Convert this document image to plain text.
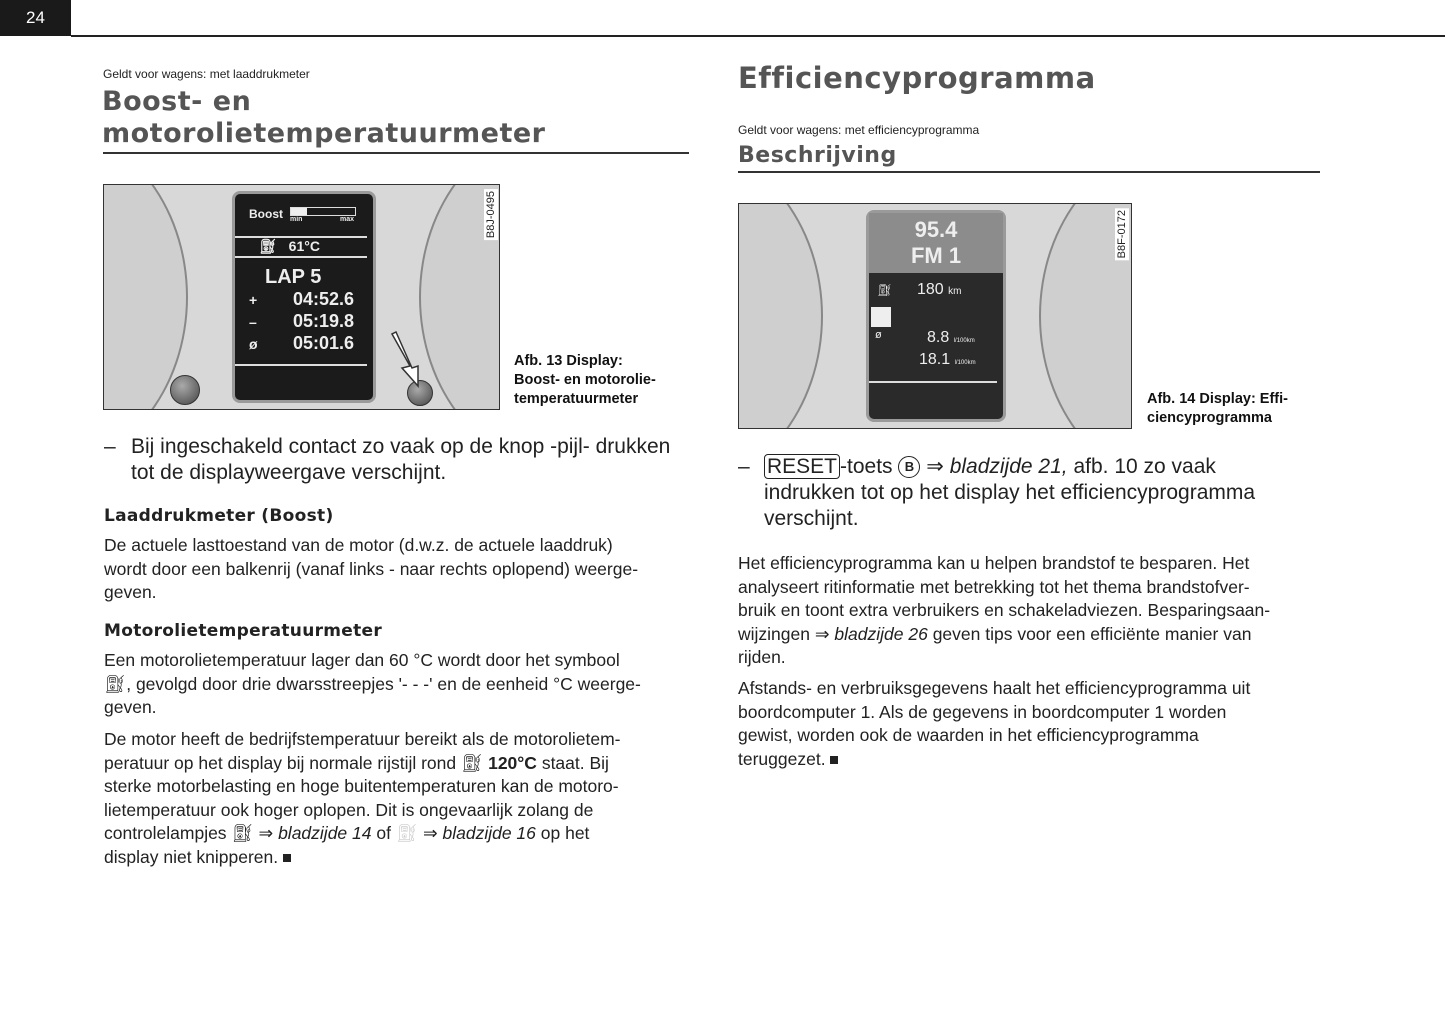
24
Geldt voor wagens: met laaddrukmeter
Boost- en
motorolietemperatuurmeter
Boost min	max
⛽︎ 61°C
LAP 5
+ 04:52.6
– 05:19.8
ø 05:01.6
B8J-0495
Afb. 13 Display:
Boost- en motorolie-
temperatuurmeter
– Bij ingeschakeld contact zo vaak op de knop -pijl- drukken
tot de displayweergave verschijnt.
Laaddrukmeter (Boost)
De actuele lasttoestand van de motor (d.w.z. de actuele laaddruk)
wordt door een balkenrij (vanaf links - naar rechts oplopend) weerge-
geven.
Motorolietemperatuurmeter
Een motorolietemperatuur lager dan 60 °C wordt door het symbool
⛽︎, gevolgd door drie dwarsstreepjes '- - -' en de eenheid °C weerge-
geven.
De motor heeft de bedrijfstemperatuur bereikt als de motorolietem-
peratuur op het display bij normale rijstijl rond ⛽︎ 120°C staat. Bij
sterke motorbelasting en hoge buitentemperaturen kan de motoro-
lietemperatuur ook hoger oplopen. Dit is ongevaarlijk zolang de
controlelampjes ⛽︎ ⇒ bladzijde 14 of ⛽︎ ⇒ bladzijde 16 op het
display niet knipperen.
Efficiencyprogramma
Geldt voor wagens: met efficiencyprogramma
Beschrijving
95.4
FM 1
⛽︎ 180 km
ø	8.8 l/100km
18.1 l/100km
B8F-0172
Afb. 14 Display: Effi-
ciencyprogramma
– RESET -toets B ⇒ bladzijde 21, afb. 10 zo vaak
indrukken tot op het display het efficiencyprogramma
verschijnt.
Het efficiencyprogramma kan u helpen brandstof te besparen. Het
analyseert ritinformatie met betrekking tot het thema brandstofver-
bruik en toont extra verbruikers en schakeladviezen. Besparingsaan-
wijzingen ⇒ bladzijde 26 geven tips voor een efficiënte manier van
rijden.
Afstands- en verbruiksgegevens haalt het efficiencyprogramma uit
boordcomputer 1. Als de gegevens in boordcomputer 1 worden
gewist, worden ook de waarden in het efficiencyprogramma
teruggezet.
